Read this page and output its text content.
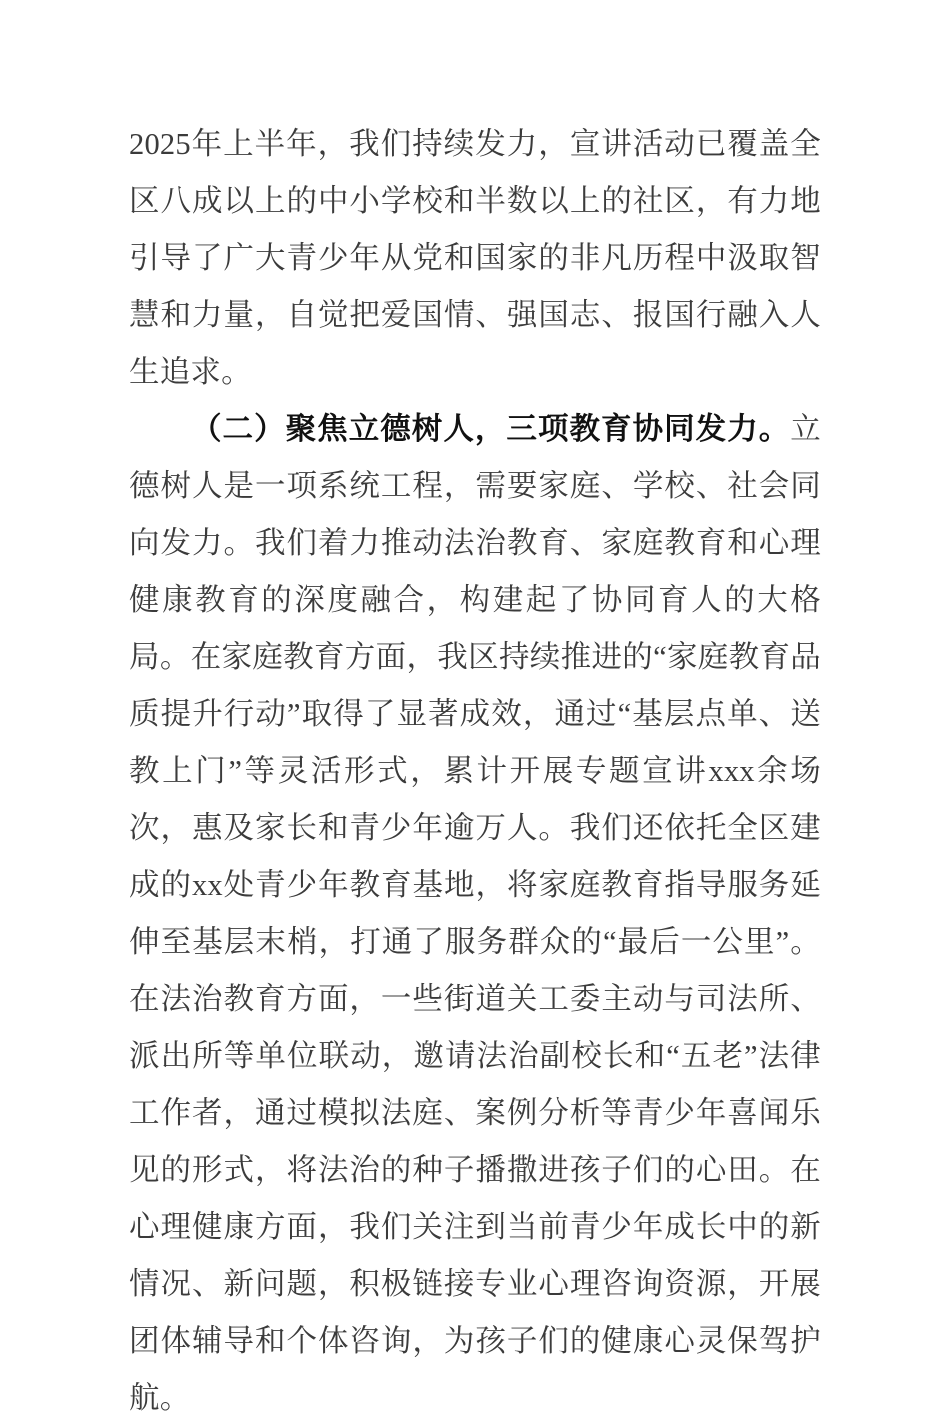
2025年上半年，我们持续发力，宣讲活动已覆盖全区八成以上的中小学校和半数以上的社区，有力地引导了广大青少年从党和国家的非凡历程中汲取智慧和力量，自觉把爱国情、强国志、报国行融入人生追求。

（二）聚焦立德树人，三项教育协同发力。立德树人是一项系统工程，需要家庭、学校、社会同向发力。我们着力推动法治教育、家庭教育和心理健康教育的深度融合，构建起了协同育人的大格局。在家庭教育方面，我区持续推进的“家庭教育品质提升行动”取得了显著成效，通过“基层点单、送教上门”等灵活形式，累计开展专题宣讲xxx余场次，惠及家长和青少年逾万人。我们还依托全区建成的xx处青少年教育基地，将家庭教育指导服务延伸至基层末梢，打通了服务群众的“最后一公里”。在法治教育方面，一些街道关工委主动与司法所、派出所等单位联动，邀请法治副校长和“五老”法律工作者，通过模拟法庭、案例分析等青少年喜闻乐见的形式，将法治的种子播撒进孩子们的心田。在心理健康方面，我们关注到当前青少年成长中的新情况、新问题，积极链接专业心理咨询资源，开展团体辅导和个体咨询，为孩子们的健康心灵保驾护航。
